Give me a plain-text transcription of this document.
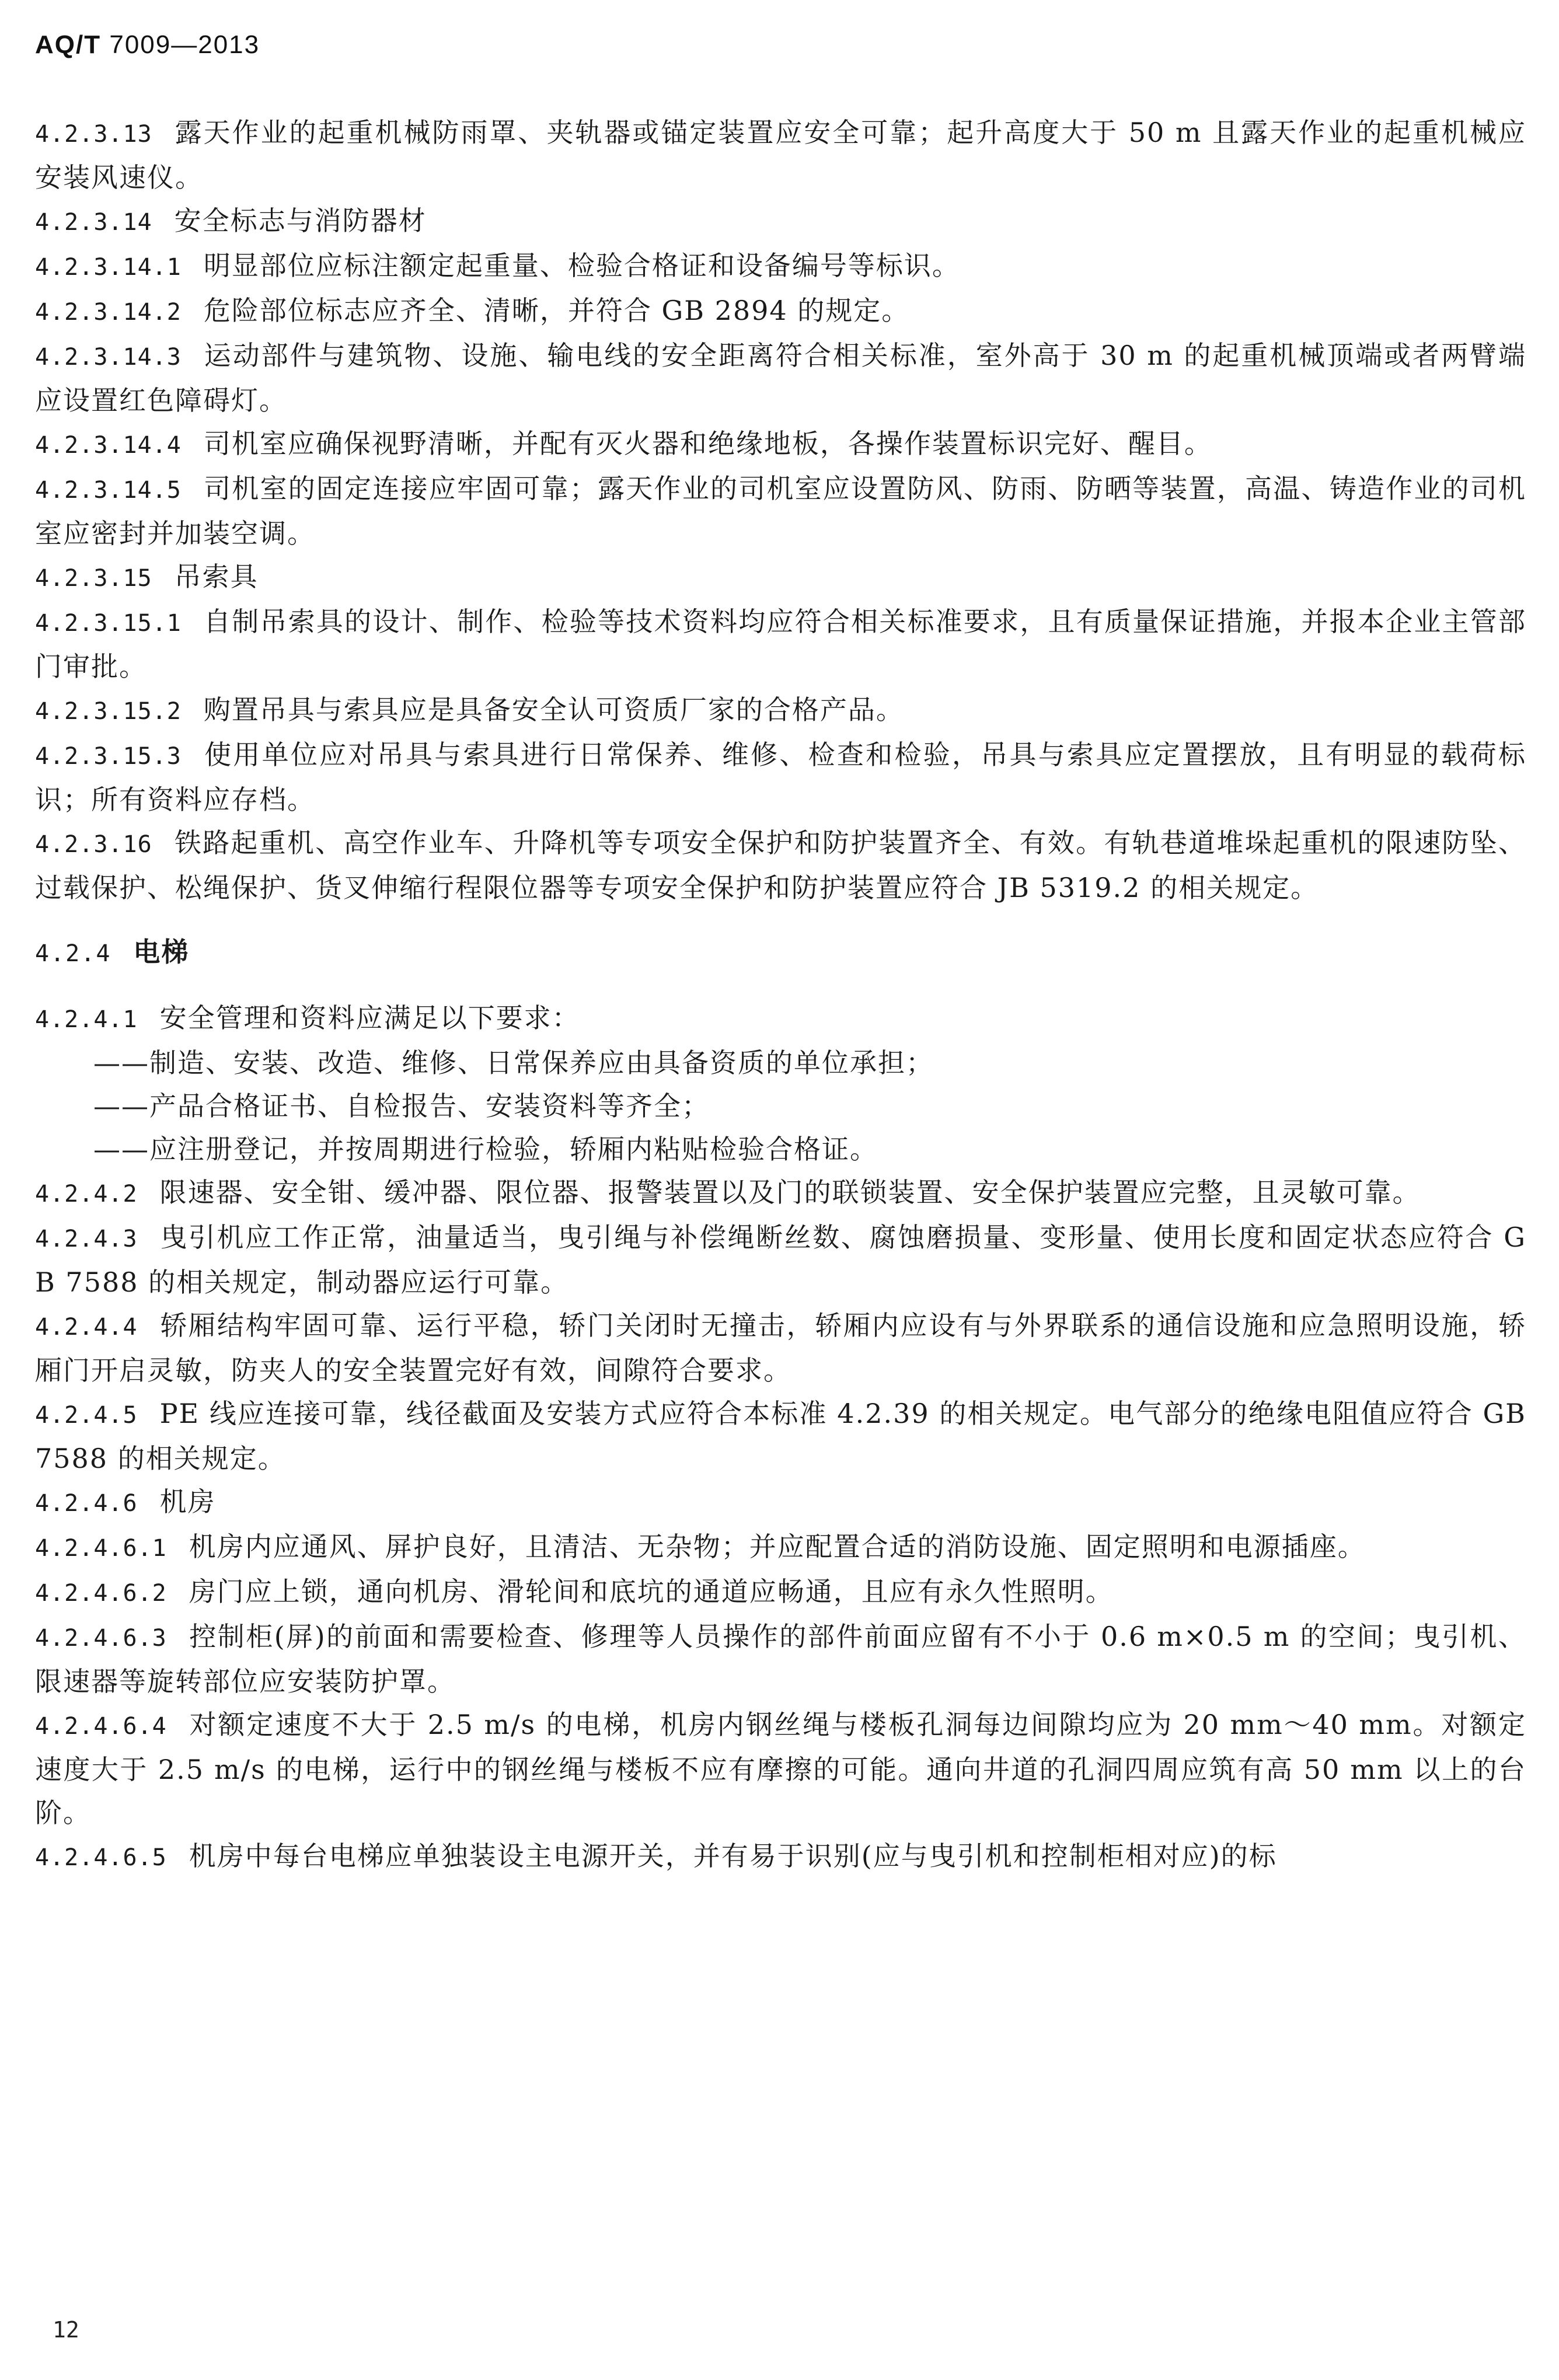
AQ/T 7009—2013

4.2.3.13 露天作业的起重机械防雨罩、夹轨器或锚定装置应安全可靠；起升高度大于 50 m 且露天作业的起重机械应安装风速仪。

4.2.3.14 安全标志与消防器材

4.2.3.14.1 明显部位应标注额定起重量、检验合格证和设备编号等标识。

4.2.3.14.2 危险部位标志应齐全、清晰，并符合 GB 2894 的规定。

4.2.3.14.3 运动部件与建筑物、设施、输电线的安全距离符合相关标准，室外高于 30 m 的起重机械顶端或者两臂端应设置红色障碍灯。

4.2.3.14.4 司机室应确保视野清晰，并配有灭火器和绝缘地板，各操作装置标识完好、醒目。

4.2.3.14.5 司机室的固定连接应牢固可靠；露天作业的司机室应设置防风、防雨、防晒等装置，高温、铸造作业的司机室应密封并加装空调。

4.2.3.15 吊索具

4.2.3.15.1 自制吊索具的设计、制作、检验等技术资料均应符合相关标准要求，且有质量保证措施，并报本企业主管部门审批。

4.2.3.15.2 购置吊具与索具应是具备安全认可资质厂家的合格产品。

4.2.3.15.3 使用单位应对吊具与索具进行日常保养、维修、检查和检验，吊具与索具应定置摆放，且有明显的载荷标识；所有资料应存档。

4.2.3.16 铁路起重机、高空作业车、升降机等专项安全保护和防护装置齐全、有效。有轨巷道堆垛起重机的限速防坠、过载保护、松绳保护、货叉伸缩行程限位器等专项安全保护和防护装置应符合 JB 5319.2 的相关规定。

4.2.4 电梯

4.2.4.1 安全管理和资料应满足以下要求：

——制造、安装、改造、维修、日常保养应由具备资质的单位承担；

——产品合格证书、自检报告、安装资料等齐全；

——应注册登记，并按周期进行检验，轿厢内粘贴检验合格证。

4.2.4.2 限速器、安全钳、缓冲器、限位器、报警装置以及门的联锁装置、安全保护装置应完整，且灵敏可靠。

4.2.4.3 曳引机应工作正常，油量适当，曳引绳与补偿绳断丝数、腐蚀磨损量、变形量、使用长度和固定状态应符合 GB 7588 的相关规定，制动器应运行可靠。

4.2.4.4 轿厢结构牢固可靠、运行平稳，轿门关闭时无撞击，轿厢内应设有与外界联系的通信设施和应急照明设施，轿厢门开启灵敏，防夹人的安全装置完好有效，间隙符合要求。

4.2.4.5 PE 线应连接可靠，线径截面及安装方式应符合本标准 4.2.39 的相关规定。电气部分的绝缘电阻值应符合 GB 7588 的相关规定。

4.2.4.6 机房

4.2.4.6.1 机房内应通风、屏护良好，且清洁、无杂物；并应配置合适的消防设施、固定照明和电源插座。

4.2.4.6.2 房门应上锁，通向机房、滑轮间和底坑的通道应畅通，且应有永久性照明。

4.2.4.6.3 控制柜(屏)的前面和需要检查、修理等人员操作的部件前面应留有不小于 0.6 m×0.5 m 的空间；曳引机、限速器等旋转部位应安装防护罩。

4.2.4.6.4 对额定速度不大于 2.5 m/s 的电梯，机房内钢丝绳与楼板孔洞每边间隙均应为 20 mm～40 mm。对额定速度大于 2.5 m/s 的电梯，运行中的钢丝绳与楼板不应有摩擦的可能。通向井道的孔洞四周应筑有高 50 mm 以上的台阶。

4.2.4.6.5 机房中每台电梯应单独装设主电源开关，并有易于识别(应与曳引机和控制柜相对应)的标

12
